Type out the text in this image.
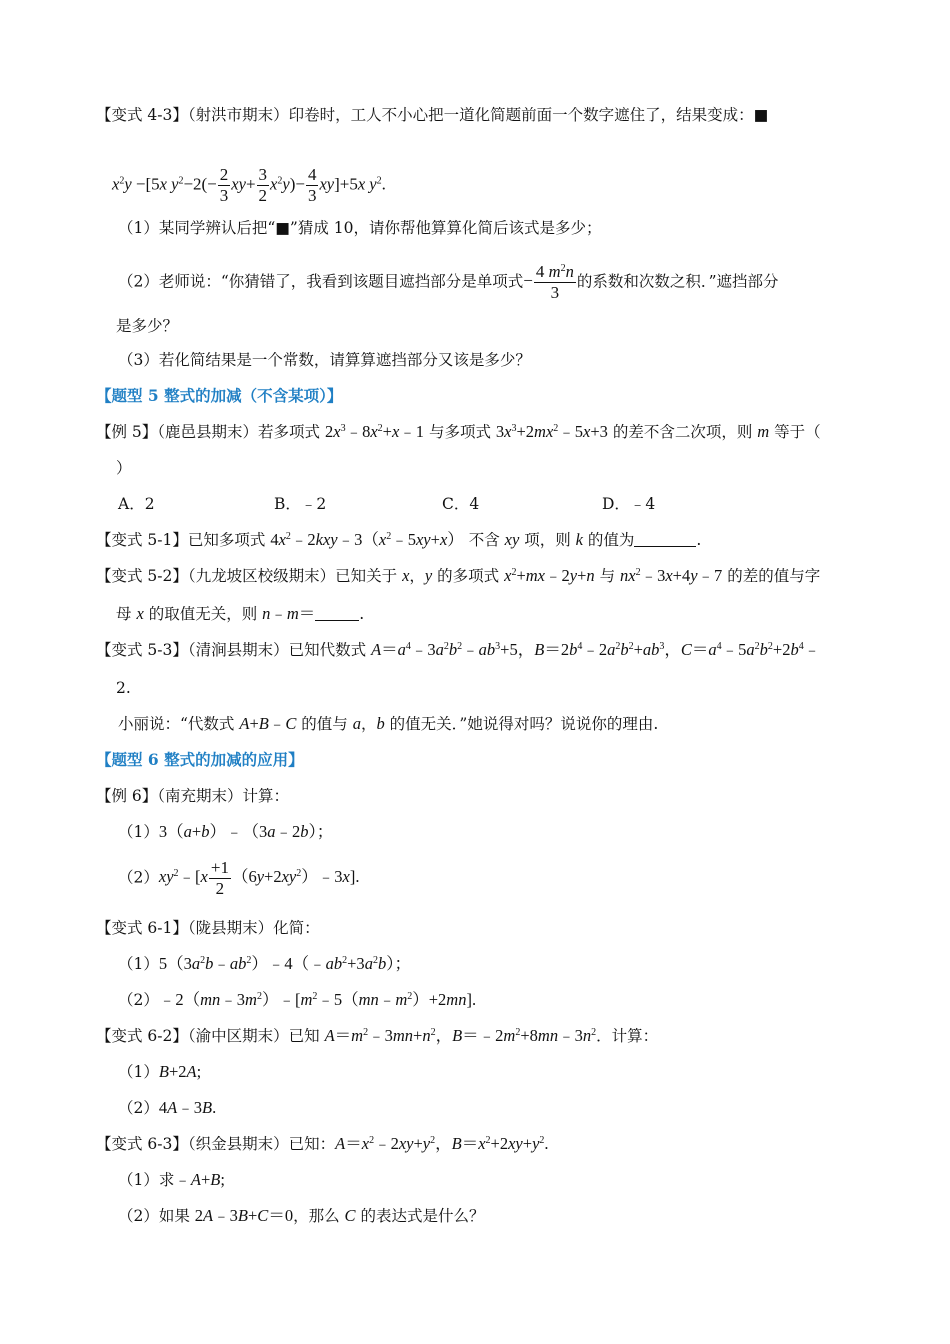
【变式 4-3】（射洪市期末）印卷时，工人不小心把一道化简题前面一个数字遮住了，结果变成：■
$x^2y -[5x$ $y^2-2(- \frac{2}{3} xy+ \frac{3}{2} x^2y)- \frac{4}{3} xy]+5x$ $y^2$.
（1）某同学辨认后把“■”猜成 10，请你帮他算算化简后该式是多少；
（2）老师说：“你猜错了，我看到该题目遮挡部分是单项式− $\frac{4 m^2n}{3}$ 的系数和次数之积．”遮挡部分
是多少？
（3）若化简结果是一个常数，请算算遮挡部分又该是多少？
【题型 5 整式的加减（不含某项）】
【例 5】（鹿邑县期末）若多项式 $2x^3﹣8x^2+x﹣1$ 与多项式 $3x^3+2mx^2﹣5x+3$ 的差不含二次项，则 m 等于（
）
A．2	B．﹣2	C．4	D．﹣4
【变式 5-1】已知多项式 $4x^2﹣2kxy﹣3(x^2﹣5xy+x)$ 不含 xy 项，则 k 的值为	.
【变式 5-2】（九龙坡区校级期末）已知关于 x，y 的多项式 $x^2+mx﹣2y+n$ 与 $nx^2﹣3x+4y﹣7$ 的差的值与字
母 x 的取值无关，则 n﹣m＝	.
【变式 5-3】（清涧县期末）已知代数式 $A=a^4﹣3a^2b^2﹣ab^3+5$，$B=2b^4﹣2a^2b^2+ab^3$，$C=a^4﹣5a^2b^2+2b^4﹣$
2.
小丽说：“代数式 A+B﹣C 的值与 a，b 的值无关．”她说得对吗？说说你的理由.
【题型 6 整式的加减的应用】
【例 6】（南充期末）计算：
（1）3（a+b）﹣（3a﹣2b）；
$(2)xy^2﹣[x \frac{+1}{2}$ $(6y+2xy^2)﹣3x$].
【变式 6-1】（陇县期末）化简：
$(1)5(3a^2b﹣ab^2)﹣4(﹣ab^2+3a^2b)$；
$(2)﹣2(mn﹣3m^2)﹣[m^2﹣5(mn﹣m^2)+2mn]$.
【变式 6-2】（渝中区期末）已知 $A=m^2﹣3mn+n^2$，$B=﹣2m^2+8mn﹣3n^2$．计算：
（1）B+2A;
（2）4A﹣3B.
【变式 6-3】（织金县期末）已知：$A=x^2﹣2xy+y^2$，$B=x^2+2xy+y^2$.
（1）求﹣A+B;
（2）如果 2A﹣3B+C＝0，那么 C 的表达式是什么？
